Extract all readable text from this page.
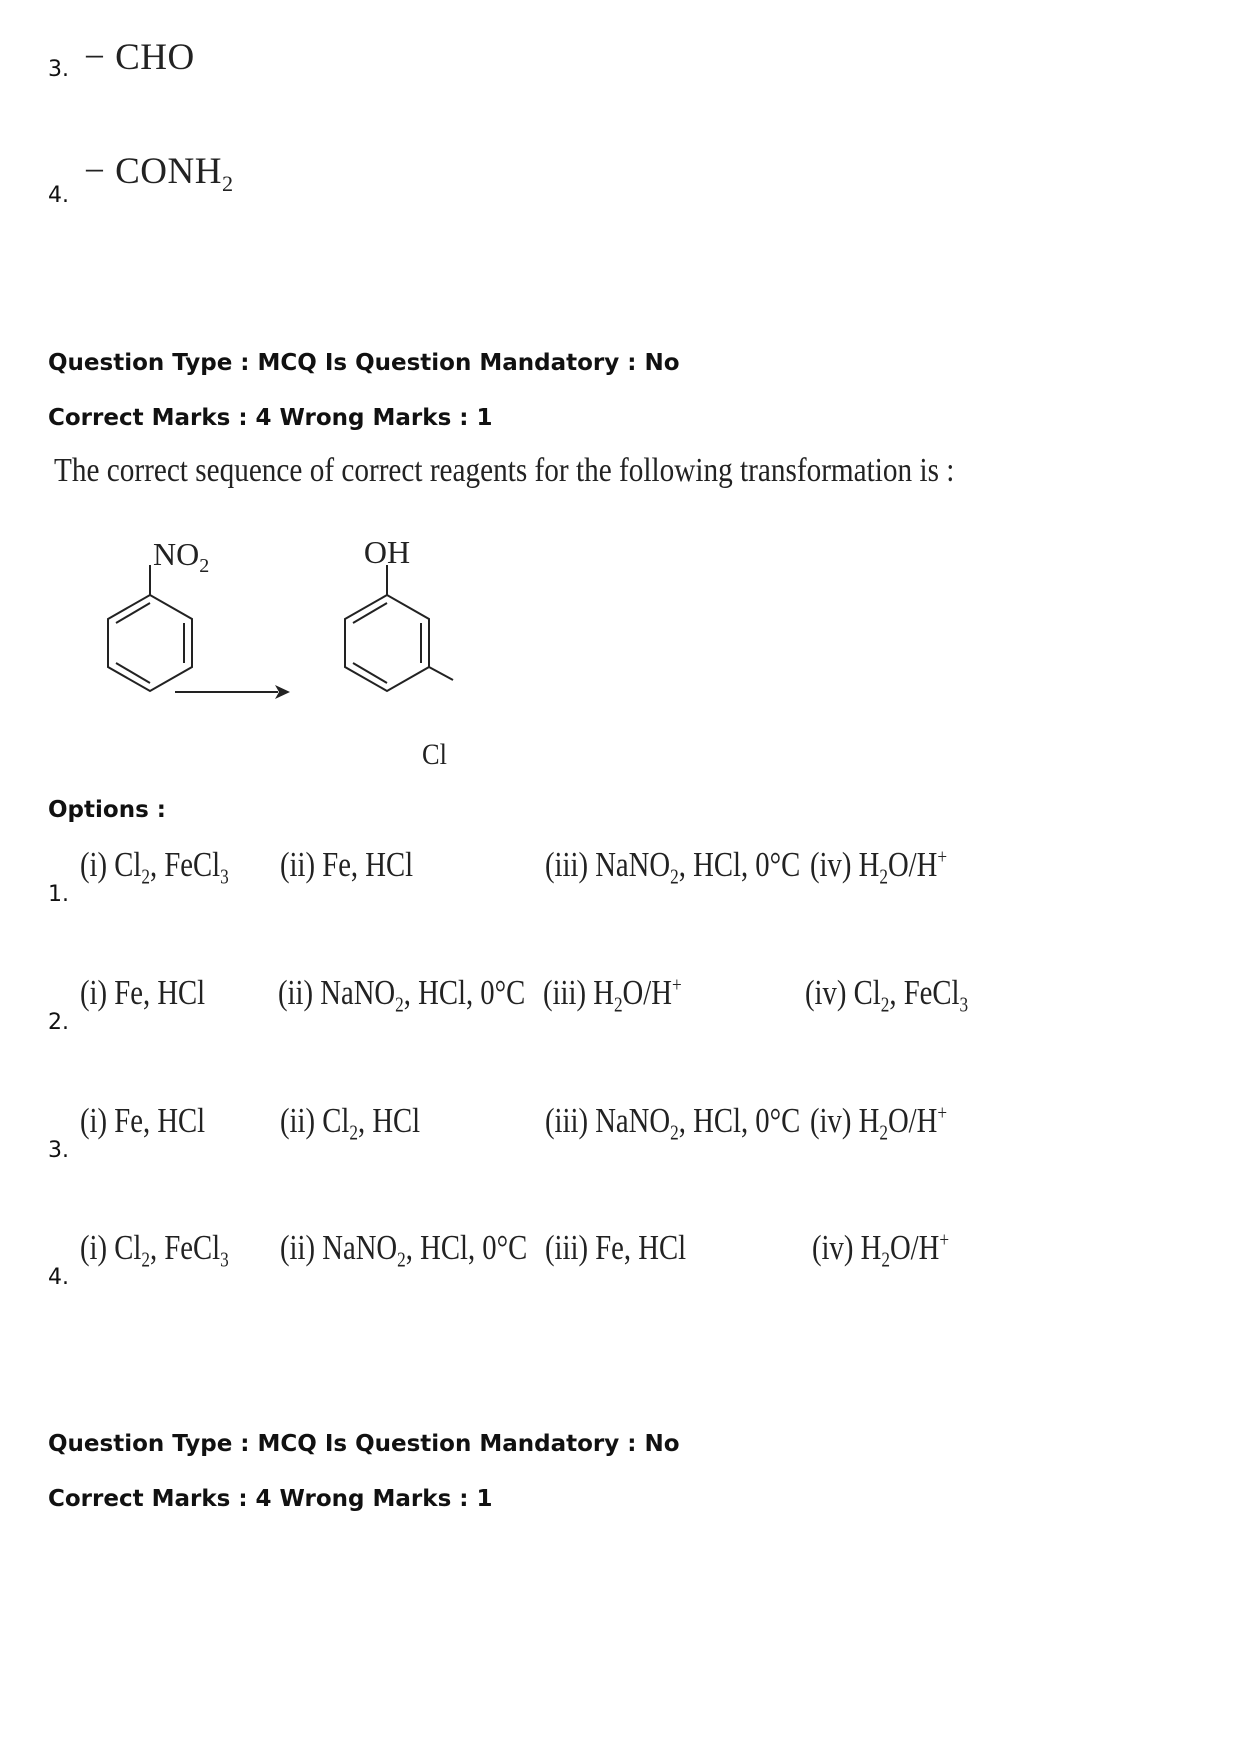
3. − CHO
4.
− $CONH_2$
Question Type : MCQ Is Question Mandatory : No
Correct Marks : 4 Wrong Marks : 1
The correct sequence of correct reagents for the following transformation is :
$NO_2$	OH
Cl
Options :
1.
(i) $Cl_2$, FeCl$_3$ (ii) Fe, HCl	(iii) NaNO$_2$, HCl, 0°C (iv) $H_2O/H^+$
2.
(i) Fe, HCl (ii) NaNO$_2$, HCl, 0°C (iii) $H_2O/H^+$	(iv) $Cl_2$, FeCl$_3$
3.
(i) Fe, HCl (ii) $Cl_2$, HCl	(iii) NaNO$_2$, HCl, 0°C (iv) $H_2O/H^+$
4.
(i) $Cl_2$, FeCl$_3$ (ii) NaNO$_2$, HCl, 0°C (iii) Fe, HCl	(iv) $H_2O/H^+$
Question Type : MCQ Is Question Mandatory : No
Correct Marks : 4 Wrong Marks : 1
